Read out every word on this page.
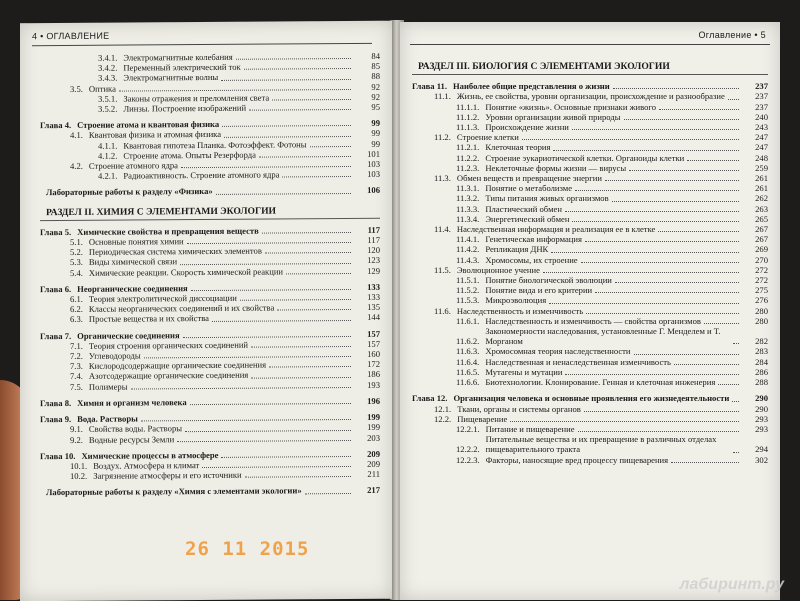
4 • ОГЛАВЛЕНИЕ
3.4.1. Электромагнитные колебания	84
3.4.2. Переменный электрический ток	85
3.4.3. Электромагнитные волны	88
3.5. Оптика	92
3.5.1. Законы отражения и преломления света	92
3.5.2. Линзы. Построение изображений	95
Глава 4. Строение атома и квантовая физика	99
4.1. Квантовая физика и атомная физика	99
4.1.1. Квантовая гипотеза Планка. Фотоэффект. Фотоны	99
4.1.2. Строение атома. Опыты Резерфорда	101
4.2. Строение атомного ядра	103
4.2.1. Радиоактивность. Строение атомного ядра	103
Лабораторные работы к разделу «Физика»	106
РАЗДЕЛ II. ХИМИЯ С ЭЛЕМЕНТАМИ ЭКОЛОГИИ
Глава 5. Химические свойства и превращения веществ	117
5.1. Основные понятия химии	117
5.2. Периодическая система химических элементов	120
5.3. Виды химической связи	123
5.4. Химические реакции. Скорость химической реакции	129
Глава 6. Неорганические соединения	133
6.1. Теория электролитической диссоциации	133
6.2. Классы неорганических соединений и их свойства	135
6.3. Простые вещества и их свойства	144
Глава 7. Органические соединения	157
7.1. Теория строения органических соединений	157
7.2. Углеводороды	160
7.3. Кислородсодержащие органические соединения	172
7.4. Азотсодержащие органические соединения	186
7.5. Полимеры	193
Глава 8. Химия и организм человека	196
Глава 9. Вода. Растворы	199
9.1. Свойства воды. Растворы	199
9.2. Водные ресурсы Земли	203
Глава 10. Химические процессы в атмосфере	209
10.1. Воздух. Атмосфера и климат	209
10.2. Загрязнение атмосферы и его источники	211
Лабораторные работы к разделу «Химия с элементами экологии»	217
Оглавление • 5
РАЗДЕЛ III. БИОЛОГИЯ С ЭЛЕМЕНТАМИ ЭКОЛОГИИ
Глава 11. Наиболее общие представления о жизни	237
11.1. Жизнь, ее свойства, уровни организации, происхождение и разнообразие	237
11.1.1. Понятие «жизнь». Основные признаки живого	237
11.1.2. Уровни организации живой природы	240
11.1.3. Происхождение жизни	243
11.2. Строение клетки	247
11.2.1. Клеточная теория	247
11.2.2. Строение эукариотической клетки. Органоиды клетки	248
11.2.3. Неклеточные формы жизни — вирусы	259
11.3. Обмен веществ и превращение энергии	261
11.3.1. Понятие о метаболизме	261
11.3.2. Типы питания живых организмов	262
11.3.3. Пластический обмен	263
11.3.4. Энергетический обмен	265
11.4. Наследственная информация и реализация ее в клетке	267
11.4.1. Генетическая информация	267
11.4.2. Репликация ДНК	269
11.4.3. Хромосомы, их строение	270
11.5. Эволюционное учение	272
11.5.1. Понятие биологической эволюции	272
11.5.2. Понятие вида и его критерии	275
11.5.3. Микроэволюция	276
11.6. Наследственность и изменчивость	280
11.6.1. Наследственность и изменчивость — свойства организмов	280
11.6.2.
Закономерности наследования, установленные Г. Менделем и Т. Морганом	282
11.6.3. Хромосомная теория наследственности	283
11.6.4. Наследственная и ненаследственная изменчивость	284
11.6.5. Мутагены и мутации	286
11.6.6. Биотехнологии. Клонирование. Генная и клеточная инженерия	288
Глава 12. Организация человека и основные проявления его жизнедеятельности	290
12.1. Ткани, органы и системы органов	290
12.2. Пищеварение	293
12.2.1. Питание и пищеварение	293
12.2.2.
Питательные вещества и их превращение в различных отделах пищеварительного тракта	294
12.2.3. Факторы, наносящие вред процессу пищеварения	302
26 11 2015
лабиринт.ру
